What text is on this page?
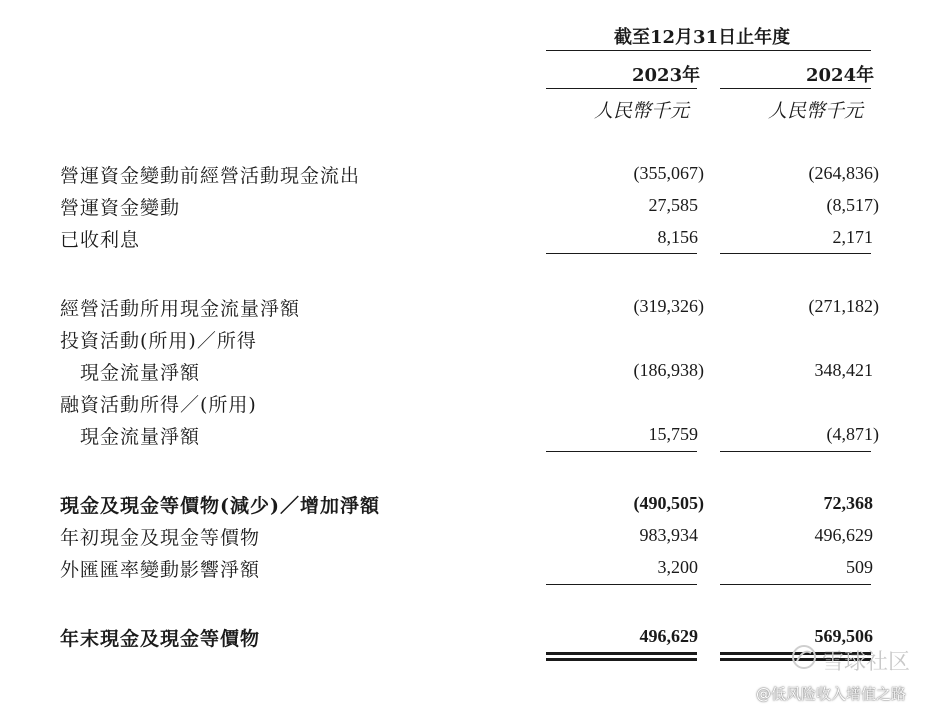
截至12月31日止年度
2023年	2024年
人民幣千元	人民幣千元
營運資金變動前經營活動現金流出	(355,067)	(264,836)
營運資金變動	27,585	(8,517)
已收利息	8,156	2,171
經營活動所用現金流量淨額	(319,326)	(271,182)
投資活動(所用)／所得
現金流量淨額	(186,938)	348,421
融資活動所得／(所用)
現金流量淨額	15,759	(4,871)
現金及現金等價物(減少)／增加淨額	(490,505)	72,368
年初現金及現金等價物	983,934	496,629
外匯匯率變動影響淨額	3,200	509
年末現金及現金等價物	496,629	569,506
雪球社区
@低风险收入增值之路
